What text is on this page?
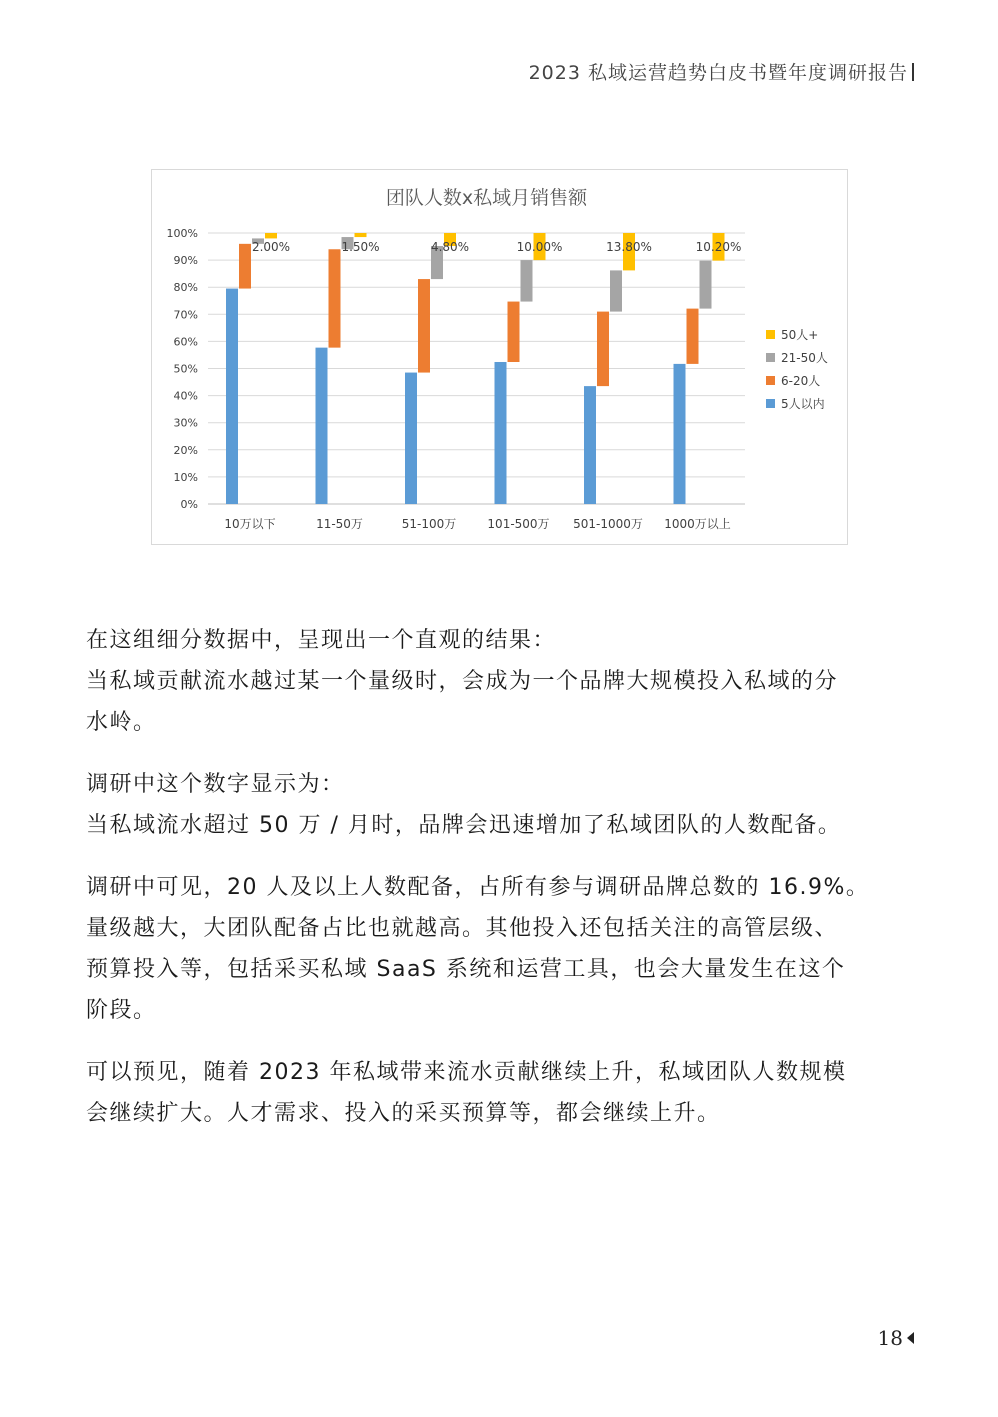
2023 私域运营趋势白皮书暨年度调研报告
团队人数x私域月销售额
0%
10%
20%
30%
40%
50%
60%
70%
80%
90%
100%
2.00%
10万以下
1.50%
11-50万
4.80%
51-100万
10.00%
101-500万
13.80%
501-1000万
10.20%
1000万以上
50人+
21-50人
6-20人
5人以内

在这组细分数据中，呈现出一个直观的结果：
当私域贡献流水越过某一个量级时，会成为一个品牌大规模投入私域的分
水岭。

调研中这个数字显示为：
当私域流水超过 50 万 / 月时，品牌会迅速增加了私域团队的人数配备。

调研中可见，20 人及以上人数配备，占所有参与调研品牌总数的 16.9%。
量级越大，大团队配备占比也就越高。其他投入还包括关注的高管层级、
预算投入等，包括采买私域 SaaS 系统和运营工具，也会大量发生在这个
阶段。

可以预见，随着 2023 年私域带来流水贡献继续上升，私域团队人数规模
会继续扩大。人才需求、投入的采买预算等，都会继续上升。

18
